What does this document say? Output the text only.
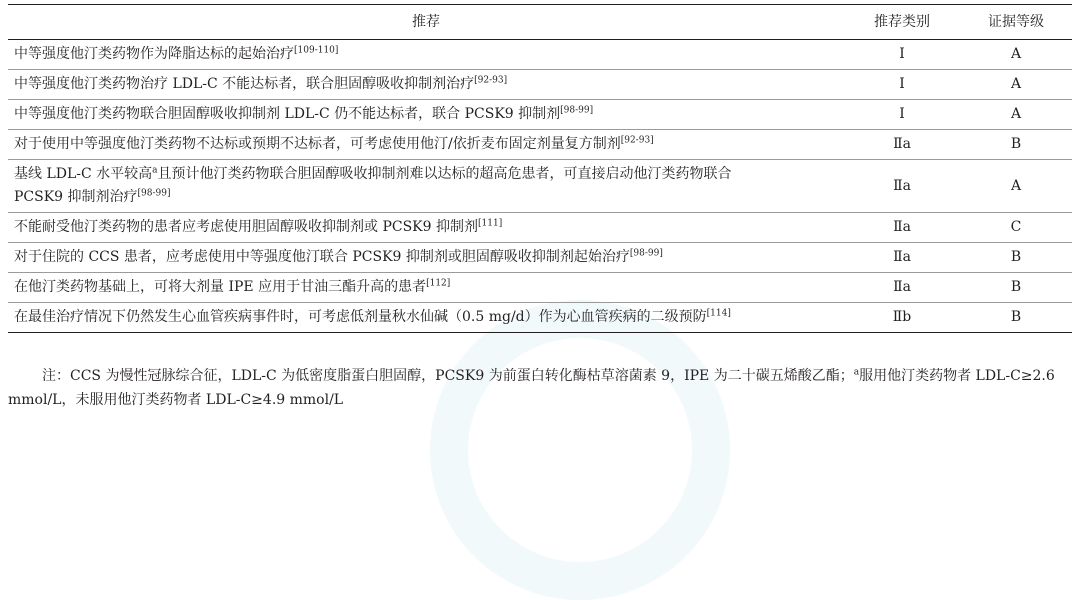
推荐	推荐类别	证据等级
中等强度他汀类药物作为降脂达标的起始治疗[109-110]	Ⅰ	A
中等强度他汀类药物治疗 LDL-C 不能达标者，联合胆固醇吸收抑制剂治疗[92-93]	Ⅰ	A
中等强度他汀类药物联合胆固醇吸收抑制剂 LDL-C 仍不能达标者，联合 PCSK9 抑制剂[98-99]	Ⅰ	A
对于使用中等强度他汀类药物不达标或预期不达标者，可考虑使用他汀/依折麦布固定剂量复方制剂[92-93]	Ⅱa	B
基线 LDL-C 水平较高$^a$且预计他汀类药物联合胆固醇吸收抑制剂难以达标的超高危患者，可直接启动他汀类药物联合 PCSK9 抑制剂治疗[98-99]	Ⅱa	A
不能耐受他汀类药物的患者应考虑使用胆固醇吸收抑制剂或 PCSK9 抑制剂[111]	Ⅱa	C
对于住院的 CCS 患者，应考虑使用中等强度他汀联合 PCSK9 抑制剂或胆固醇吸收抑制剂起始治疗[98-99]	Ⅱa	B
在他汀类药物基础上，可将大剂量 IPE 应用于甘油三酯升高的患者[112]	Ⅱa	B
在最佳治疗情况下仍然发生心血管疾病事件时，可考虑低剂量秋水仙碱（0.5 mg/d）作为心血管疾病的二级预防[114]	Ⅱb	B
注：CCS 为慢性冠脉综合征，LDL-C 为低密度脂蛋白胆固醇，PCSK9 为前蛋白转化酶枯草溶菌素 9，IPE 为二十碳五烯酸乙酯；$^a$服用他汀类药物者 LDL-C≥2.6 mmol/L，未服用他汀类药物者 LDL-C≥4.9 mmol/L
